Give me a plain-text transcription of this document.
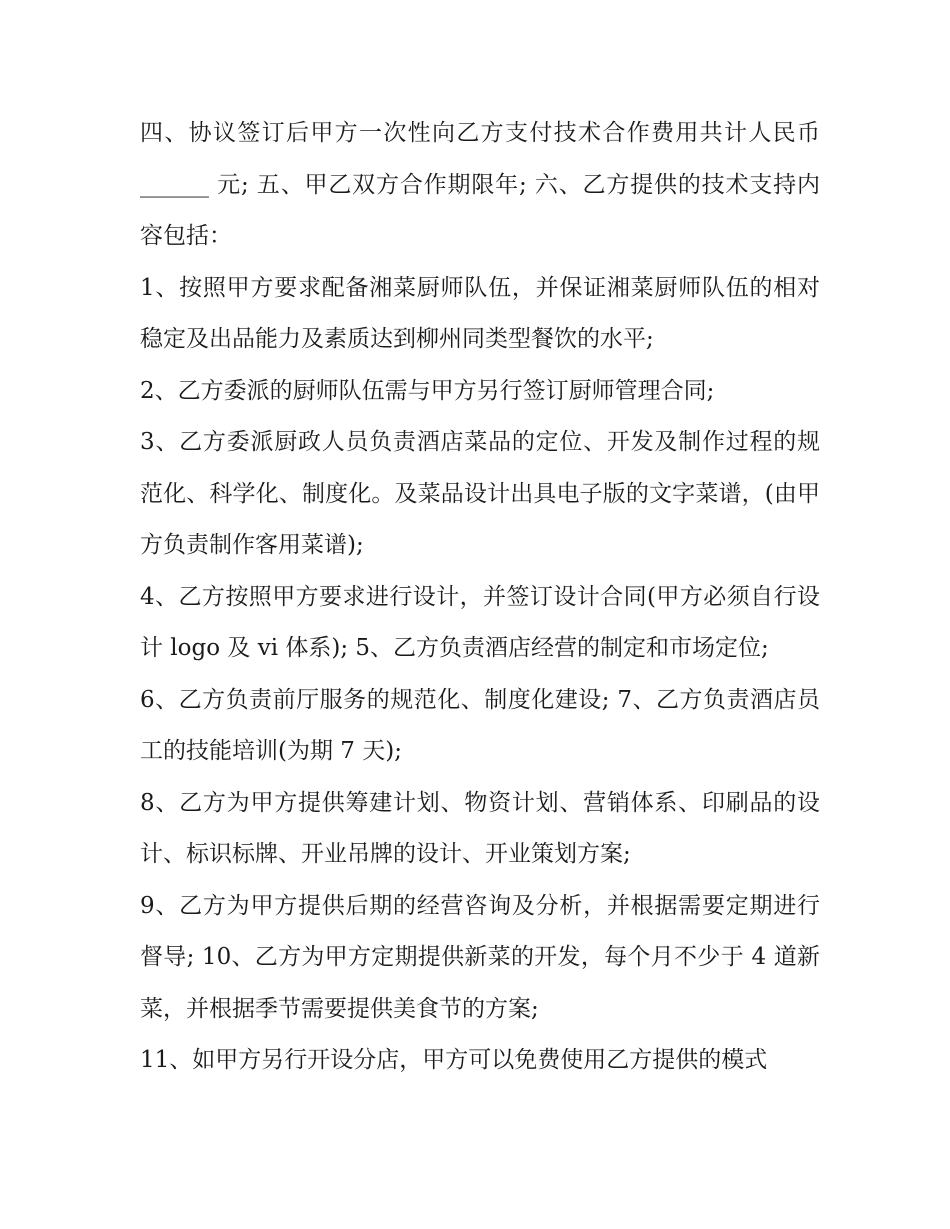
四、协议签订后甲方一次性向乙方支付技术合作费用共计人民币 ______ 元; 五、甲乙双方合作期限年; 六、乙方提供的技术支持内容包括：

1、按照甲方要求配备湘菜厨师队伍，并保证湘菜厨师队伍的相对稳定及出品能力及素质达到柳州同类型餐饮的水平;

2、乙方委派的厨师队伍需与甲方另行签订厨师管理合同;

3、乙方委派厨政人员负责酒店菜品的定位、开发及制作过程的规范化、科学化、制度化。及菜品设计出具电子版的文字菜谱，(由甲方负责制作客用菜谱);

4、乙方按照甲方要求进行设计，并签订设计合同(甲方必须自行设计 logo 及 vi 体系); 5、乙方负责酒店经营的制定和市场定位;

6、乙方负责前厅服务的规范化、制度化建设; 7、乙方负责酒店员工的技能培训(为期 7 天);

8、乙方为甲方提供筹建计划、物资计划、营销体系、印刷品的设计、标识标牌、开业吊牌的设计、开业策划方案;

9、乙方为甲方提供后期的经营咨询及分析，并根据需要定期进行督导; 10、乙方为甲方定期提供新菜的开发，每个月不少于 4 道新菜，并根据季节需要提供美食节的方案;

11、如甲方另行开设分店，甲方可以免费使用乙方提供的模式
